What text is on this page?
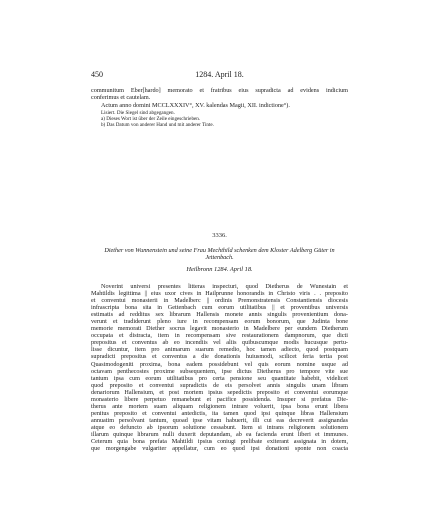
450	1284. April 18.
communitum Eber[hardo] memorato et fratribus eius supradicta ad evidens indicium
conferimus et cautelam.
Actum anno domini MCCLXXXIV°, XV. kalendas Magii, XII. indictione°).
Lisiert. Die Siegel sind abgegangen.
a) Dieses Wort ist über der Zeile eingeschrieben.
b) Das Datum von anderer Hand und mit anderer Tinte.
3336.
Diether von Wunnenstein und seine Frau Mechthild schenken dem Kloster Adelberg Güter in
Jettenbach.
Heilbronn 1284. April 18.
Noverint universi presentes litteras inspecturi, quod Dietherus de Wunestain et
Mahtildis legittima || eius uxor cives in Hailprunne honorandis in Christo viris . . preposito
et conventui monasterii in Madelberc || ordinis Premonstratensis Constantiensis diocesis
infrascripta bona sita in Gettenbach cum eorum utilitatibus || et proventibus universis
estimatis ad redditus sex librarum Hallensis monete annis singulis provenientium dona-
verunt et tradiderunt pleno iure in recompensam eorum bonorum, que Judinta bone
memorie memorati Diether socrus legavit monasterio in Madelbere per eundem Dietherum
occupata et distracta, item in recompensam sive restaurationem dampnorum, que dicti
prepositus et conventus ab eo incendiis vel aliis quibuscumque modis hucusque pertu-
lisse dicuntur, item pro animarum suarum remedio, hoc tamen adiecto, quod postquam
supradicti prepositus et conventus a die donationis huiusmodi, scilicet feria tertia post
Quasimodogeniti proxima, bona eadem possidebunt vel quis eorum nomine usque ad
octavam penthecostes proxime subsequentem, ipse dictus Dietherus pro tempore vite sue
tantum ipsa cum eorum utilitatibus pro certa pensione seu quantitate habebit, videlicet
quod preposito et conventui supradictis de eis persolvet annis singulis unam libram
denariorum Hallensium, et post mortem ipsius sepedictis preposito et conventui eorumque
monasterio libere perpetuo remanebunt et pacifice possidenda. Insuper si prefatus Die-
therus ante mortem suam aliquam religionem intrare voluerit, ipsa bona erunt libera
penitus preposito et conventui antedictis, ita tamen quod ipsi quinque libras Hallensium
annuatim persolvant tantum, quoad ipse vitam habuerit, illi cui eas decreverit assignandas
atque eo defuncto ab ipsorum solutione cessabunt. Item si intrans religionem solutionem
illarum quinque librarum nulli duxerit deputandam, ab ea facienda erunt liberi et immunes.
Ceterum quia bona prefata Mahtildi ipsius coniugi prelibate exiterant assignata in dotem,
que morgengabe vulgariter appellatur, cum eo quod ipsi donationi sponte non coacta
